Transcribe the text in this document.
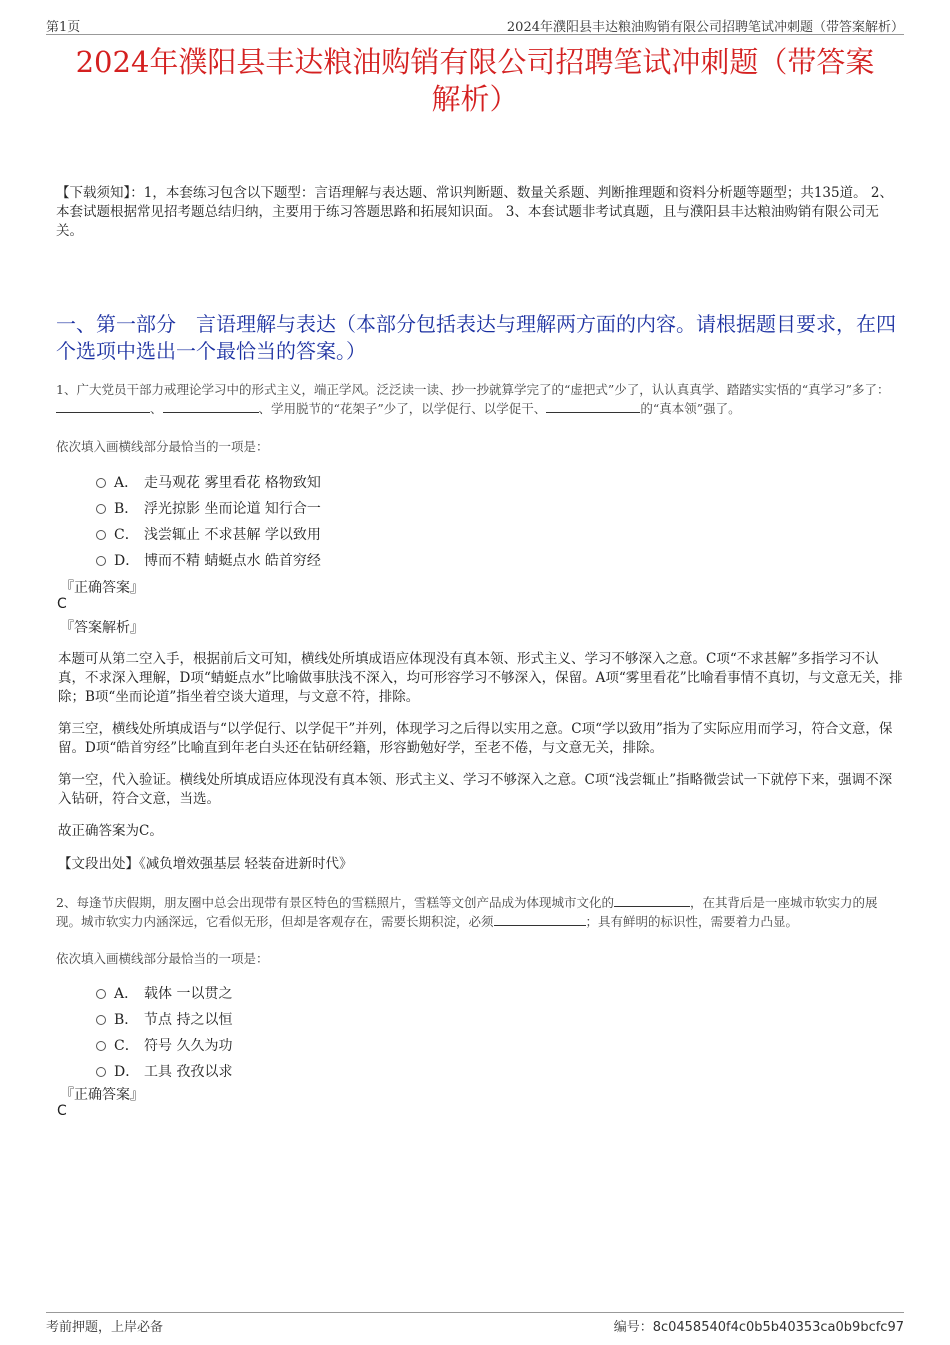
第1页	2024年濮阳县丰达粮油购销有限公司招聘笔试冲刺题（带答案解析）
2024年濮阳县丰达粮油购销有限公司招聘笔试冲刺题（带答案
解析）
【下载须知】：1，本套练习包含以下题型：言语理解与表达题、常识判断题、数量关系题、判断推理题和资料分析题等题型；共135道。 2、本套试题根据常见招考题总结归纳，主要用于练习答题思路和拓展知识面。 3、本套试题非考试真题，且与濮阳县丰达粮油购销有限公司无关。
一、第一部分　言语理解与表达（本部分包括表达与理解两方面的内容。请根据题目要求，在四个选项中选出一个最恰当的答案。）
1、广大党员干部力戒理论学习中的形式主义，端正学风。泛泛读一读、抄一抄就算学完了的“虚把式”少了，认认真真学、踏踏实实悟的“真学习”多了：、	、学用脱节的“花架子”少了，以学促行、以学促干、	的“真本领”强了。
依次填入画横线部分最恰当的一项是：
A． 走马观花 雾里看花 格物致知
B． 浮光掠影 坐而论道 知行合一
C． 浅尝辄止 不求甚解 学以致用
D． 博而不精 蜻蜓点水 皓首穷经
『正确答案』
C
『答案解析』
本题可从第二空入手，根据前后文可知，横线处所填成语应体现没有真本领、形式主义、学习不够深入之意。C项“不求甚解”多指学习不认真，不求深入理解，D项“蜻蜓点水”比喻做事肤浅不深入，均可形容学习不够深入，保留。A项“雾里看花”比喻看事情不真切，与文意无关，排除；B项“坐而论道”指坐着空谈大道理，与文意不符，排除。
第三空，横线处所填成语与“以学促行、以学促干”并列，体现学习之后得以实用之意。C项“学以致用”指为了实际应用而学习，符合文意，保留。D项“皓首穷经”比喻直到年老白头还在钻研经籍，形容勤勉好学，至老不倦，与文意无关，排除。
第一空，代入验证。横线处所填成语应体现没有真本领、形式主义、学习不够深入之意。C项“浅尝辄止”指略微尝试一下就停下来，强调不深入钻研，符合文意，当选。
故正确答案为C。
【文段出处】《减负增效强基层 轻装奋进新时代》
2、每逢节庆假期，朋友圈中总会出现带有景区特色的雪糕照片，雪糕等文创产品成为体现城市文化的	，在其背后是一座城市软实力的展现。城市软实力内涵深远，它看似无形，但却是客观存在，需要长期积淀，必须	；具有鲜明的标识性，需要着力凸显。
依次填入画横线部分最恰当的一项是：
A． 载体 一以贯之
B． 节点 持之以恒
C． 符号 久久为功
D． 工具 孜孜以求
『正确答案』
C
考前押题，上岸必备	编号：8c0458540f4c0b5b40353ca0b9bcfc97
